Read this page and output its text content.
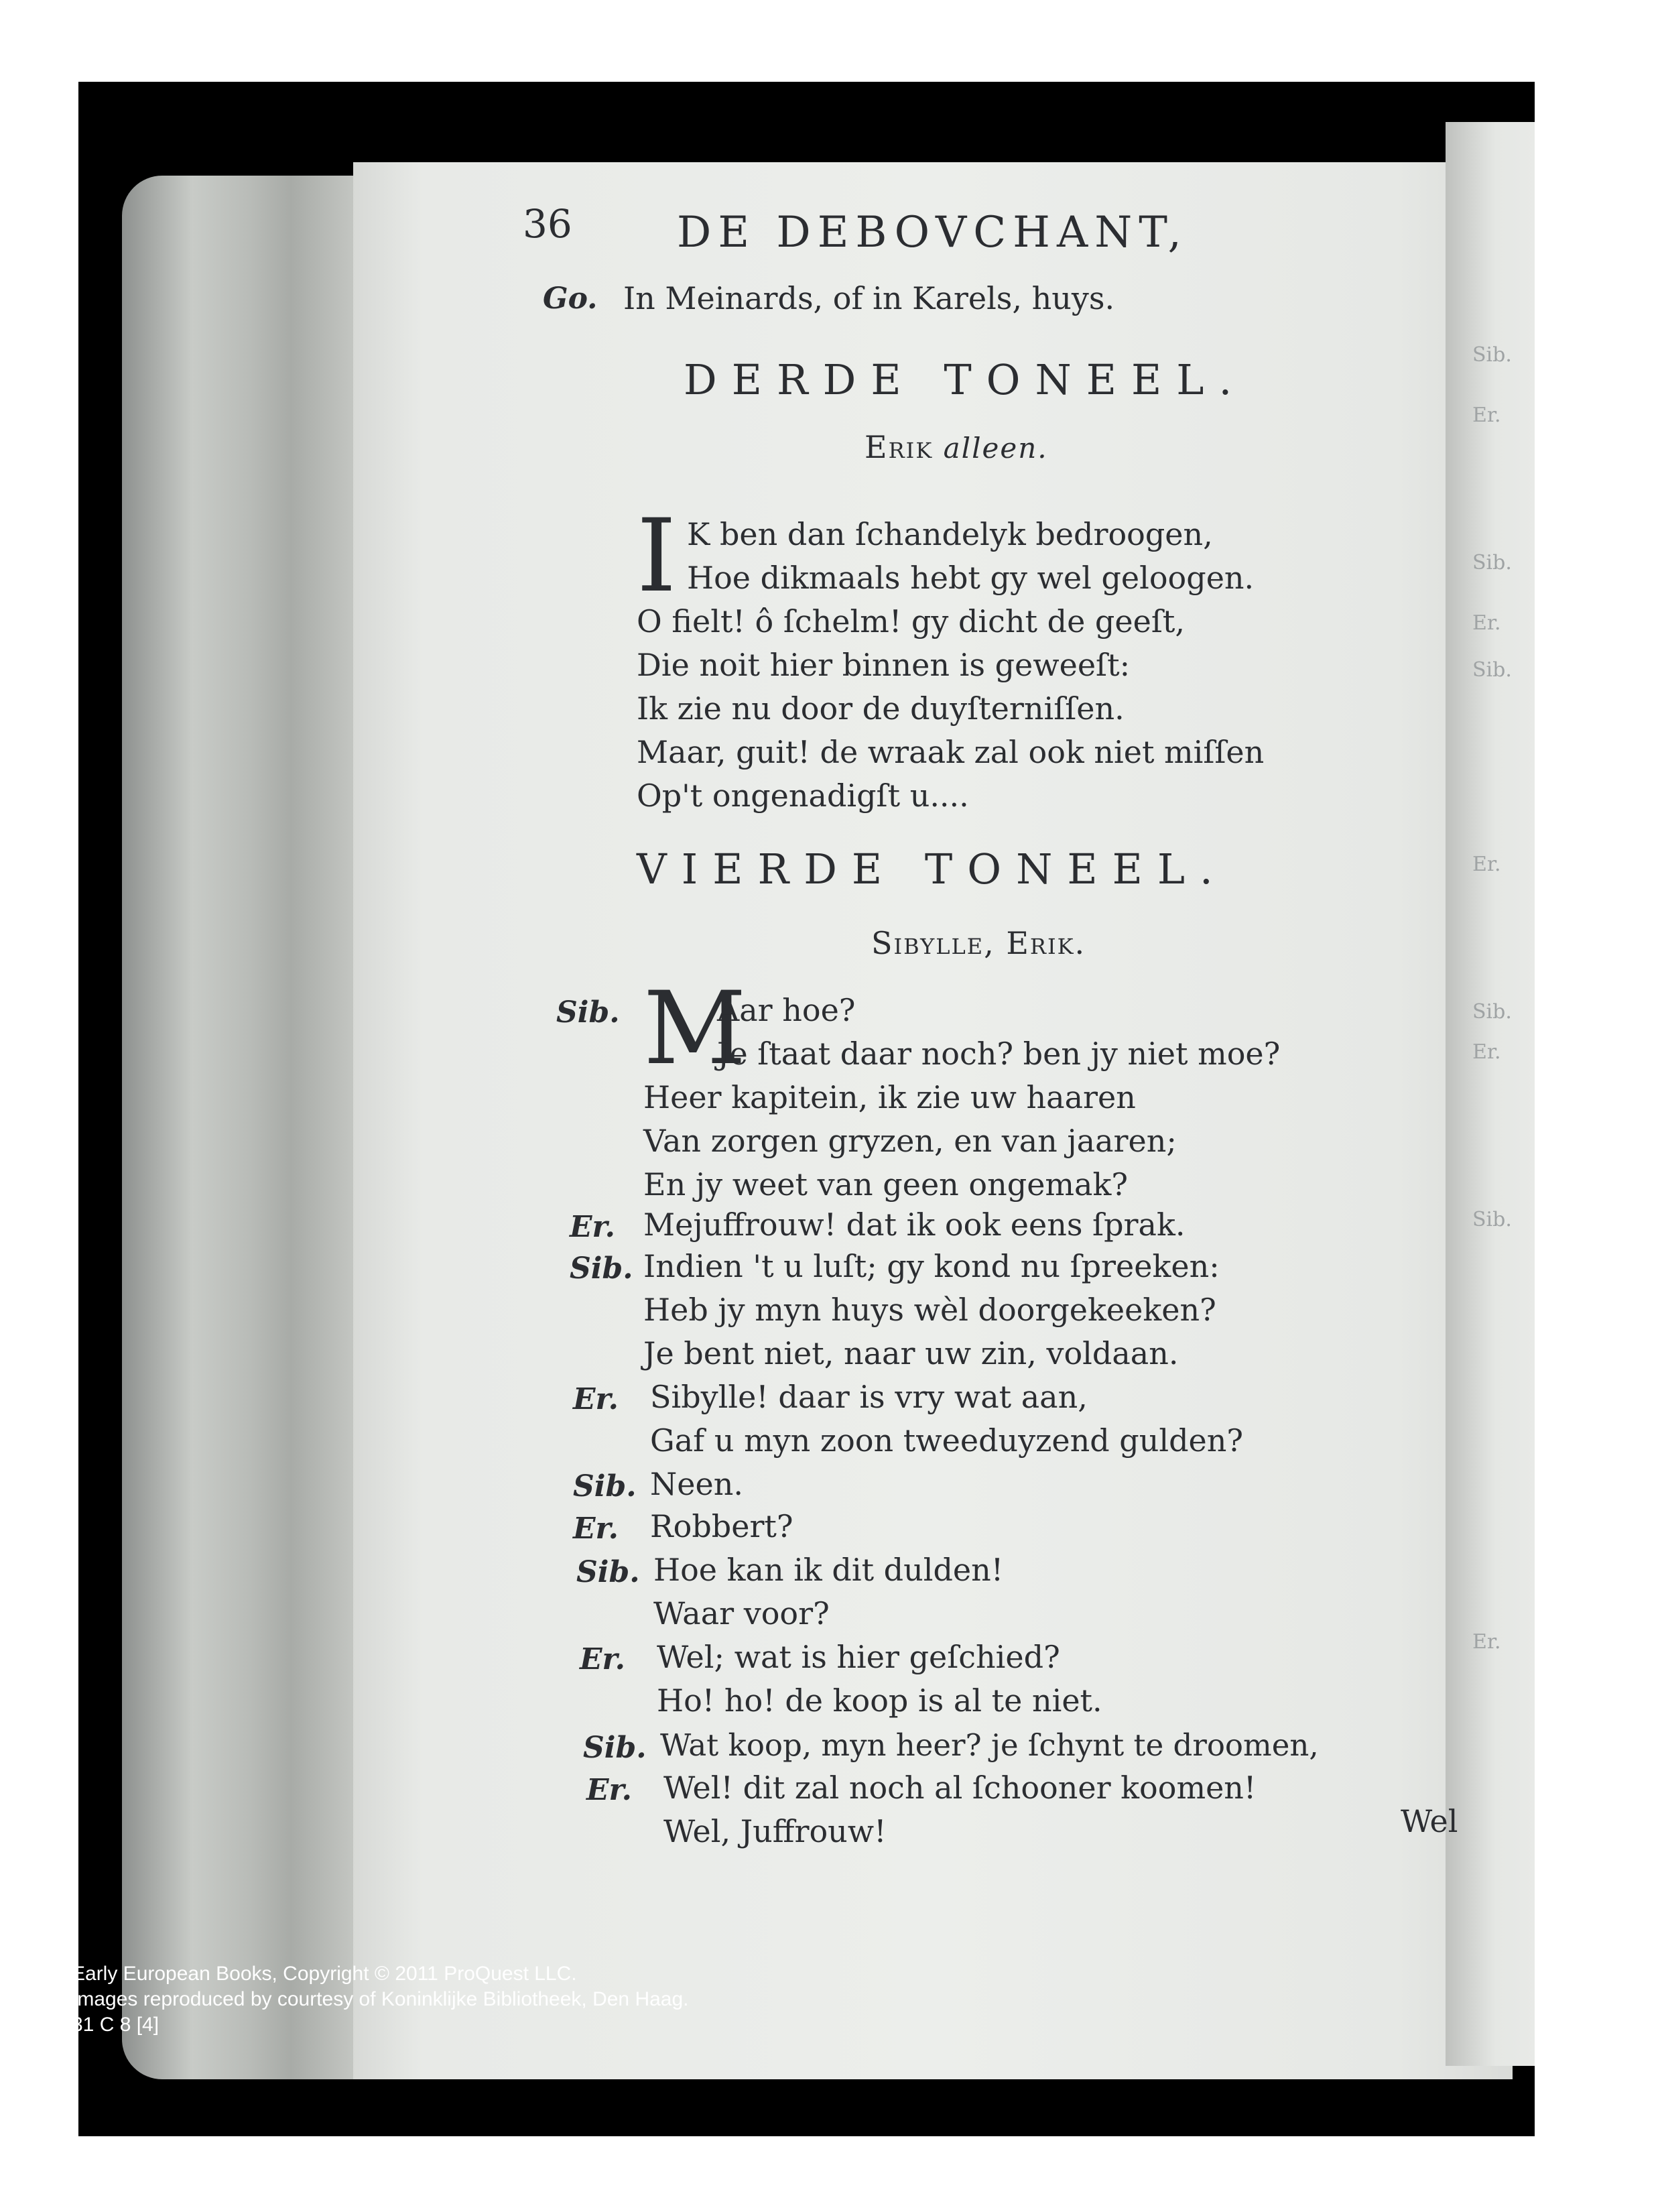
Sib.
Er.
Sib.
Er.
Sib.
Er.
Sib.
Er.
Sib.
Er.
36 DE DEBOVCHANT,
Go. In Meinards, of in Karels, huys.
DERDE TONEEL.
Erik alleen.
I K ben dan ſchandelyk bedroogen,
Hoe dikmaals hebt gy wel geloogen.
O fielt! ô ſchelm! gy dicht de geeſt,
Die noit hier binnen is geweeſt:
Ik zie nu door de duyſterniſſen.
Maar, guit! de wraak zal ook niet miſſen
Op't ongenadigſt u....
VIERDE TONEEL.
Sibylle, Erik.
M
Sib.	Aar hoe?
Je ſtaat daar noch? ben jy niet moe?
Heer kapitein, ik zie uw haaren
Van zorgen gryzen, en van jaaren;
En jy weet van geen ongemak?
Er. Mejuffrouw! dat ik ook eens ſprak.
Sib. Indien 't u luſt; gy kond nu ſpreeken:
Heb jy myn huys wèl doorgekeeken?
Je bent niet, naar uw zin, voldaan.
Er. Sibylle! daar is vry wat aan,
Gaf u myn zoon tweeduyzend gulden?
Sib. Neen.
Er. Robbert?
Sib. Hoe kan ik dit dulden!
Waar voor?
Er. Wel; wat is hier geſchied?
Ho! ho! de koop is al te niet.
Sib. Wat koop, myn heer? je ſchynt te droomen,
Er. Wel! dit zal noch al ſchooner koomen!
Wel, Juffrouw!	Wel
Early European Books, Copyright © 2011 ProQuest LLC.
Images reproduced by courtesy of Koninklijke Bibliotheek, Den Haag.
31 C 8 [4]
